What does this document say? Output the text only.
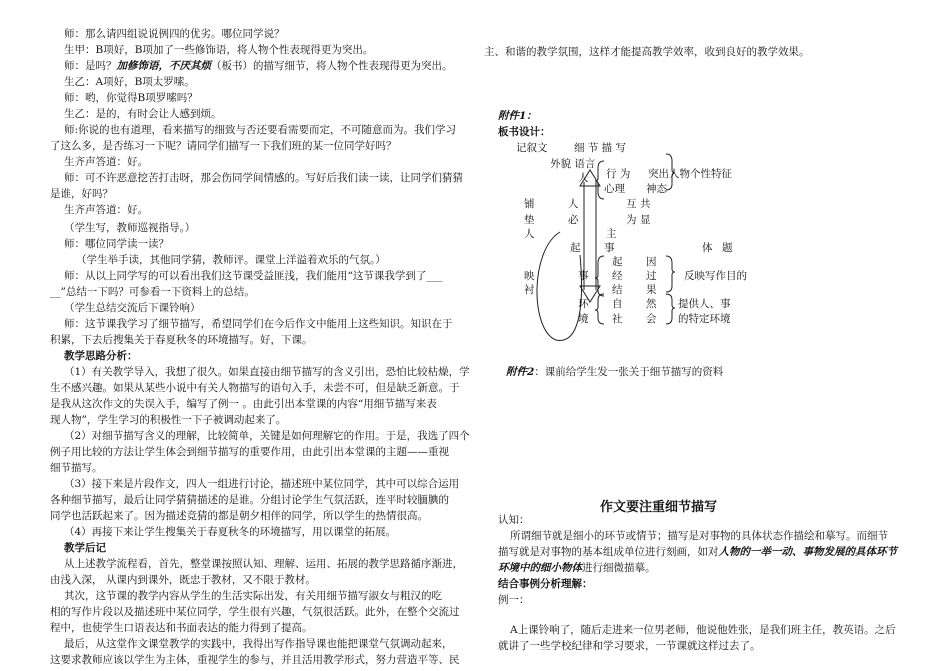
师：那么请四组说说例四的优劣。哪位同学说？
生甲：B项好，B项加了一些修饰语，将人物个性表现得更为突出。
师：是吗？加修饰语，不厌其烦（板书）的描写细节，将人物个性表现得更为突出。
生乙：A项好，B项太罗嗦。
师：哟，你觉得B项罗嗦吗？
生乙：是的，有时会让人感到烦。
师:你说的也有道理，看来描写的细致与否还要看需要而定，不可随意而为。我们学习
了这么多，是否练习一下呢？请同学们描写一下我们班的某一位同学好吗？
生齐声答道：好。
师：可不许恶意挖苦打击呀，那会伤同学间情感的。写好后我们读一读，让同学们猜猜
是谁，好吗？
生齐声答道：好。
（学生写，教师巡视指导。）
师：哪位同学读一读？
（学生举手读，其他同学猜，教师评。课堂上洋溢着欢乐的气氛。）
师：从以上同学写的可以看出我们这节课受益匪浅，我们能用“这节课我学到了___
__”总结一下吗？可参看一下资料上的总结。
（学生总结交流后下课铃响）
师：这节课我学习了细节描写，希望同学们在今后作文中能用上这些知识。知识在于
积累，下去后搜集关于春夏秋冬的环境描写。好，下课。
教学思路分析：
（1）有关教学导入，我想了很久。如果直接由细节描写的含义引出，恐怕比较枯燥，学
生不感兴趣。如果从某些小说中有关人物描写的语句入手，未尝不可，但是缺乏新意。于
是我从这次作文的失误入手，编写了例一 。由此引出本堂课的内容“用细节描写来表
现人物”，学生学习的积极性一下子被调动起来了。
（2）对细节描写含义的理解，比较简单，关键是如何理解它的作用。于是，我选了四个
例子用比较的方法让学生体会到细节描写的重要作用，由此引出本堂课的主题——重视
细节描写。
（3）接下来是片段作文，四人一组进行讨论，描述班中某位同学，其中可以综合运用
各种细节描写，最后让同学猜猜描述的是谁。分组讨论学生气氛活跃，连平时较腼腆的
同学也活跃起来了。因为描述竞猜的都是朝夕相伴的同学，所以学生的热情很高。
（4）再接下来让学生搜集关于春夏秋冬的环境描写，用以课堂的拓展。
教学后记
从上述教学流程看，首先，整堂课按照认知、理解、运用、拓展的教学思路循序渐进，
由浅入深， 从课内到课外，既忠于教材，又不限于教材。
其次，这节课的教学内容从学生的生活实际出发，有关用细节描写淑女与粗汉的吃
相的写作片段以及描述班中某位同学，学生很有兴趣，气氛很活跃。此外，在整个交流过
程中，也使学生口语表达和书面表达的能力得到了提高。
最后，从这堂作文课堂教学的实践中，我得出写作指导课也能把课堂气氛调动起来，
这要求教师应该以学生为主体，重视学生的参与，并且活用教学形式，努力营造平等、民
主、和谐的教学氛围，这样才能提高教学效率，收到良好的教学效果。
附件1：
板书设计：
记叙文	细 节 描 写
外貌 语言
人 行 为
心理 神态
突出人物个性特征
铺
垫
人
人
必
互 共
为 显
主
起 事	体 题
映
衬
事
起 因
经 过
结 果
反映写作目的
环
境
自 然
社 会
提供人、事
的特定环境
附件2：课前给学生发一张关于细节描写的资料
作文要注重细节描写
认知：
所谓细节就是细小的环节或情节；描写是对事物的具体状态作描绘和摹写。而细节
描写就是对事物的基本组成单位进行刻画，如对人物的一举一动、事物发展的具体环节
环境中的细小物体进行细微描摹。
结合事例分析理解：
例一：
A上课铃响了，随后走进来一位男老师，他说他姓张，是我们班主任，教英语。之后
就讲了一些学校纪律和学习要求，一节课就这样过去了。
